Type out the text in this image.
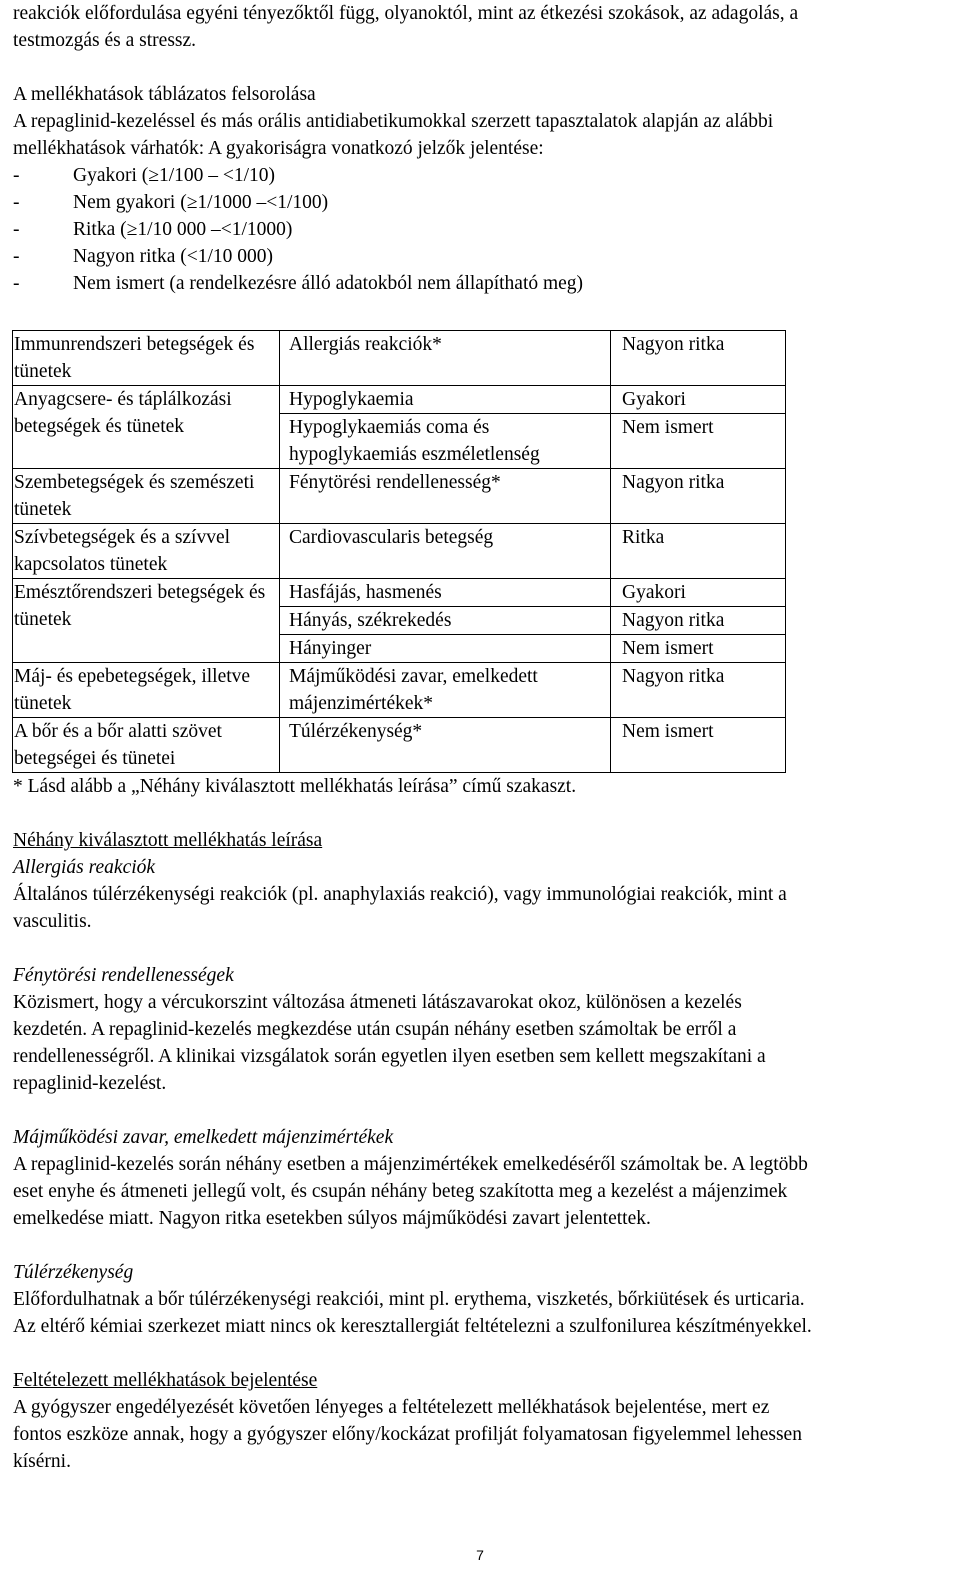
reakciók előfordulása egyéni tényezőktől függ, olyanoktól, mint az étkezési szokások, az adagolás, a

testmozgás és a stressz.

A mellékhatások táblázatos felsorolása

A repaglinid-kezeléssel és más orális antidiabetikumokkal szerzett tapasztalatok alapján az alábbi

mellékhatások várhatók: A gyakoriságra vonatkozó jelzők jelentése:

-	Gyakori (≥1/100 – <1/10)
-	Nem gyakori (≥1/1000 –<1/100)
-	Ritka (≥1/10 000 –<1/1000)
-	Nagyon ritka (<1/10 000)
-	Nem ismert (a rendelkezésre álló adatokból nem állapítható meg)
Immunrendszeri betegségek és tünetek	Allergiás reakciók*	Nagyon ritka
Anyagcsere- és táplálkozási betegségek és tünetek	Hypoglykaemia	Gyakori
	Hypoglykaemiás coma és hypoglykaemiás eszméletlenség	Nem ismert
Szembetegségek és szemészeti tünetek	Fénytörési rendellenesség*	Nagyon ritka
Szívbetegségek és a szívvel kapcsolatos tünetek	Cardiovascularis betegség	Ritka
Emésztőrendszeri betegségek és tünetek	Hasfájás, hasmenés	Gyakori
	Hányás, székrekedés	Nagyon ritka
	Hányinger	Nem ismert
Máj- és epebetegségek, illetve tünetek	Májműködési zavar, emelkedett májenzimértékek*	Nagyon ritka
A bőr és a bőr alatti szövet betegségei és tünetei	Túlérzékenység*	Nem ismert

* Lásd alább a „Néhány kiválasztott mellékhatás leírása” című szakaszt.

Néhány kiválasztott mellékhatás leírása

Allergiás reakciók

Általános túlérzékenységi reakciók (pl. anaphylaxiás reakció), vagy immunológiai reakciók, mint a

vasculitis.

Fénytörési rendellenességek

Közismert, hogy a vércukorszint változása átmeneti látászavarokat okoz, különösen a kezelés

kezdetén. A repaglinid-kezelés megkezdése után csupán néhány esetben számoltak be erről a

rendellenességről. A klinikai vizsgálatok során egyetlen ilyen esetben sem kellett megszakítani a

repaglinid-kezelést.

Májműködési zavar, emelkedett májenzimértékek

A repaglinid-kezelés során néhány esetben a májenzimértékek emelkedéséről számoltak be. A legtöbb

eset enyhe és átmeneti jellegű volt, és csupán néhány beteg szakította meg a kezelést a májenzimek

emelkedése miatt. Nagyon ritka esetekben súlyos májműködési zavart jelentettek.

Túlérzékenység

Előfordulhatnak a bőr túlérzékenységi reakciói, mint pl. erythema, viszketés, bőrkiütések és urticaria.

Az eltérő kémiai szerkezet miatt nincs ok keresztallergiát feltételezni a szulfonilurea készítményekkel.

Feltételezett mellékhatások bejelentése

A gyógyszer engedélyezését követően lényeges a feltételezett mellékhatások bejelentése, mert ez

fontos eszköze annak, hogy a gyógyszer előny/kockázat profilját folyamatosan figyelemmel lehessen

kísérni.

7
